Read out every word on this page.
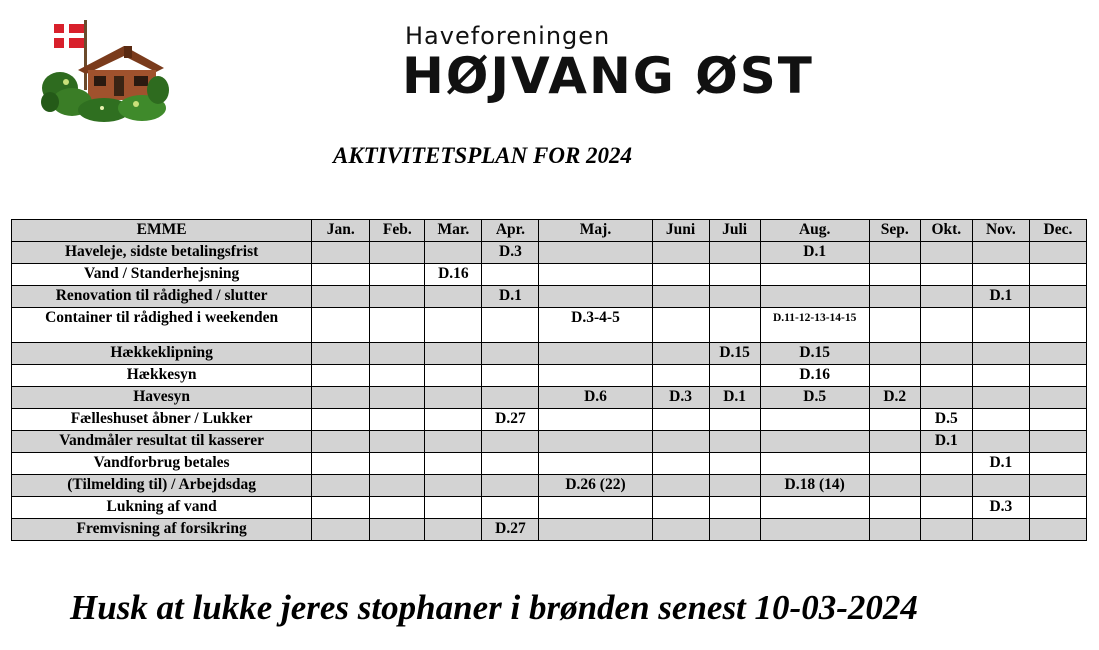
Haveforeningen
HØJVANG ØST
AKTIVITETSPLAN FOR 2024
EMME	Jan.	Feb.	Mar.	Apr.	Maj.	Juni	Juli	Aug.	Sep.	Okt.	Nov.	Dec.
Haveleje, sidste betalingsfrist				D.3				D.1				
Vand / Standerhejsning			D.16									
Renovation til rådighed / slutter				D.1							D.1	
Container til rådighed i weekenden					D.3-4-5			D.11-12-13-14-15				
Hækkeklipning							D.15	D.15				
Hækkesyn								D.16				
Havesyn					D.6	D.3	D.1	D.5	D.2			
Fælleshuset åbner / Lukker				D.27						D.5		
Vandmåler resultat til kasserer										D.1		
Vandforbrug betales											D.1	
(Tilmelding til) / Arbejdsdag					D.26 (22)			D.18 (14)				
Lukning af vand											D.3	
Fremvisning af forsikring				D.27								
Husk at lukke jeres stophaner i brønden senest 10-03-2024
